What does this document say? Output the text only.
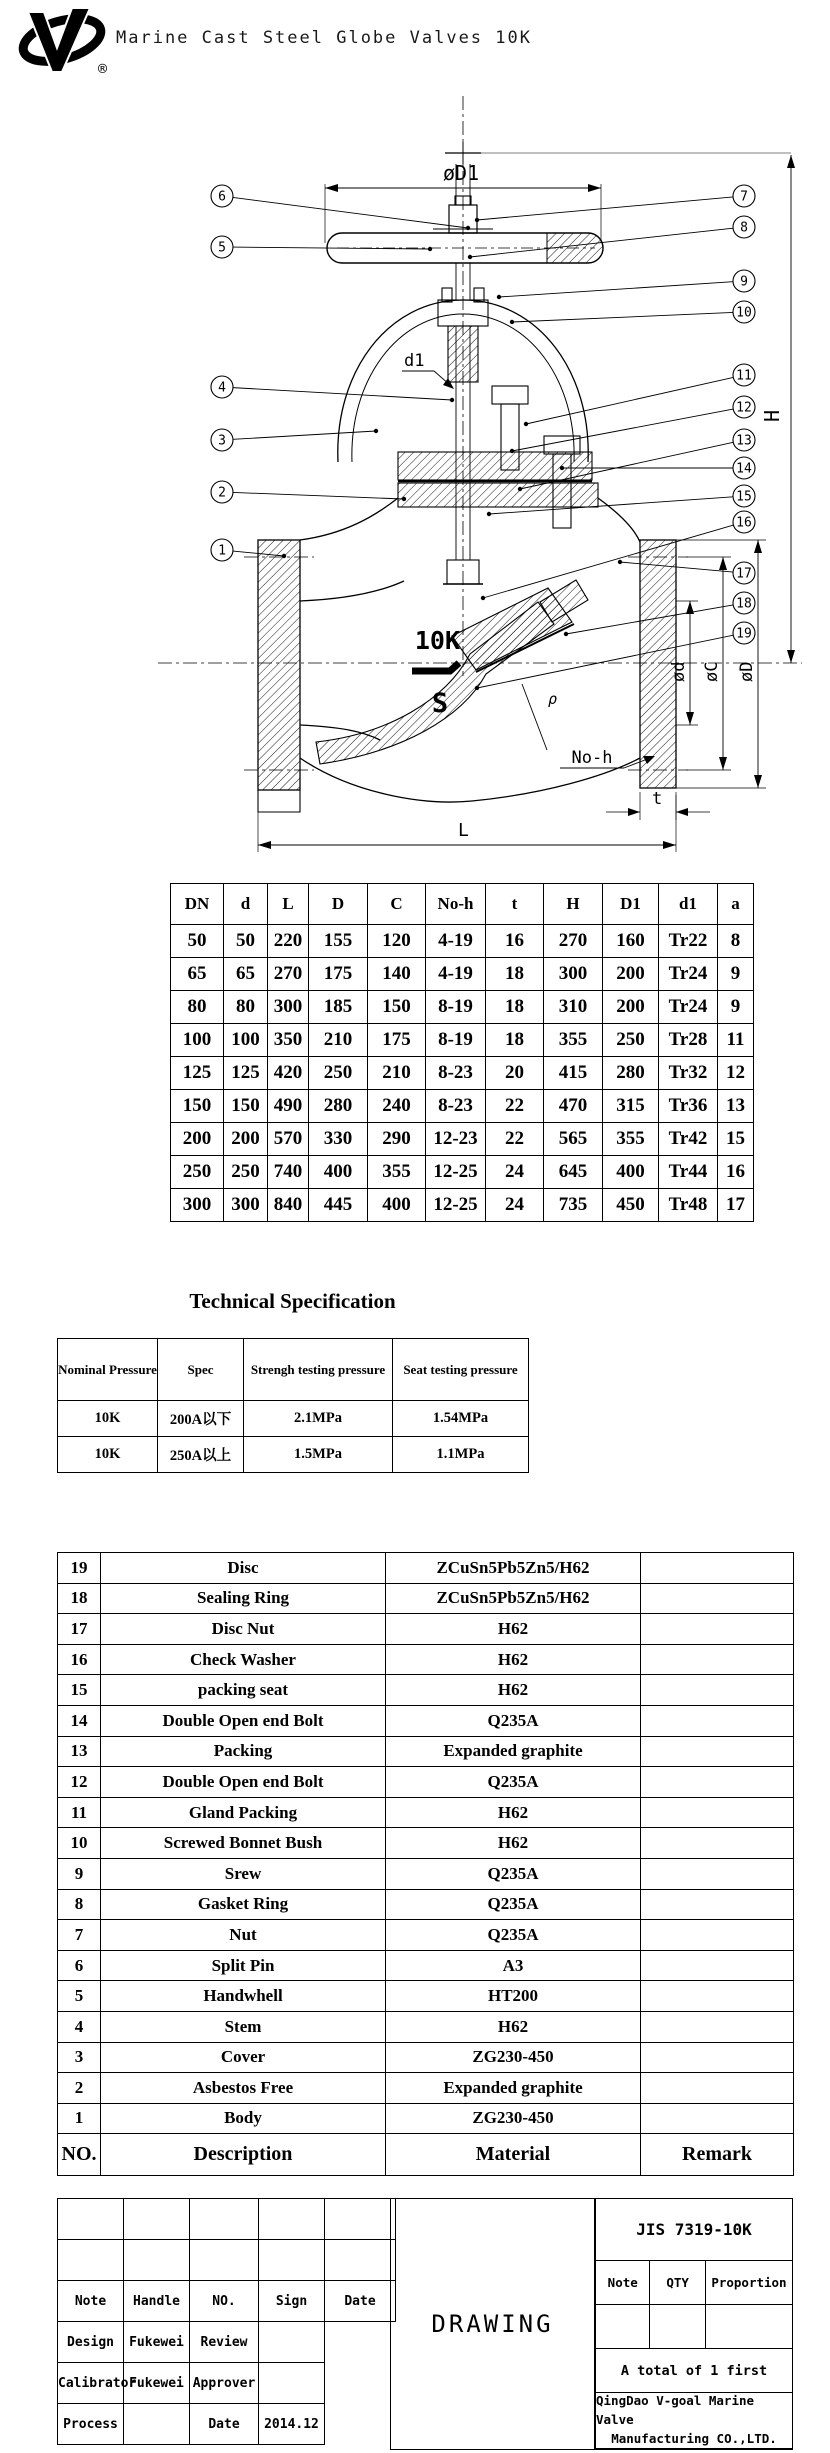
®
Marine Cast Steel Globe Valves 10K
øD1
H
ρ
d1
10K
S
No-h
t
L
ød øC øD
6
5
4
3
2
1
7
8
9
10
11
12
13
14
15
16
17
18
19
DN	d	L	D	C	No-h	t	H	D1	d1	a
50	50	220	155	120	4-19	16	270	160	Tr22	8
65	65	270	175	140	4-19	18	300	200	Tr24	9
80	80	300	185	150	8-19	18	310	200	Tr24	9
100	100	350	210	175	8-19	18	355	250	Tr28	11
125	125	420	250	210	8-23	20	415	280	Tr32	12
150	150	490	280	240	8-23	22	470	315	Tr36	13
200	200	570	330	290	12-23	22	565	355	Tr42	15
250	250	740	400	355	12-25	24	645	400	Tr44	16
300	300	840	445	400	12-25	24	735	450	Tr48	17
Technical Specification
Nominal Pressure	Spec	Strengh testing pressure	Seat testing pressure
10K	200A以下	2.1MPa	1.54MPa
10K	250A以上	1.5MPa	1.1MPa
19	Disc	ZCuSn5Pb5Zn5/H62	
18	Sealing Ring	ZCuSn5Pb5Zn5/H62	
17	Disc Nut	H62	
16	Check Washer	H62	
15	packing seat	H62	
14	Double Open end Bolt	Q235A	
13	Packing	Expanded graphite	
12	Double Open end Bolt	Q235A	
11	Gland Packing	H62	
10	Screwed Bonnet Bush	H62	
9	Srew	Q235A	
8	Gasket Ring	Q235A	
7	Nut	Q235A	
6	Split Pin	A3	
5	Handwhell	HT200	
4	Stem	H62	
3	Cover	ZG230-450	
2	Asbestos Free	Expanded graphite	
1	Body	ZG230-450	
NO.	Description	Material	Remark

Note	Handle	NO.	Sign	Date
Design	Fukewei	Review		
Calibrator	Fukewei	Approver		
Process		Date	2014.12	
DRAWING
JIS 7319-10K
Note	QTY	Proportion
A total of 1 first
QingDao V-goal Marine Valve
Manufacturing CO.,LTD.
